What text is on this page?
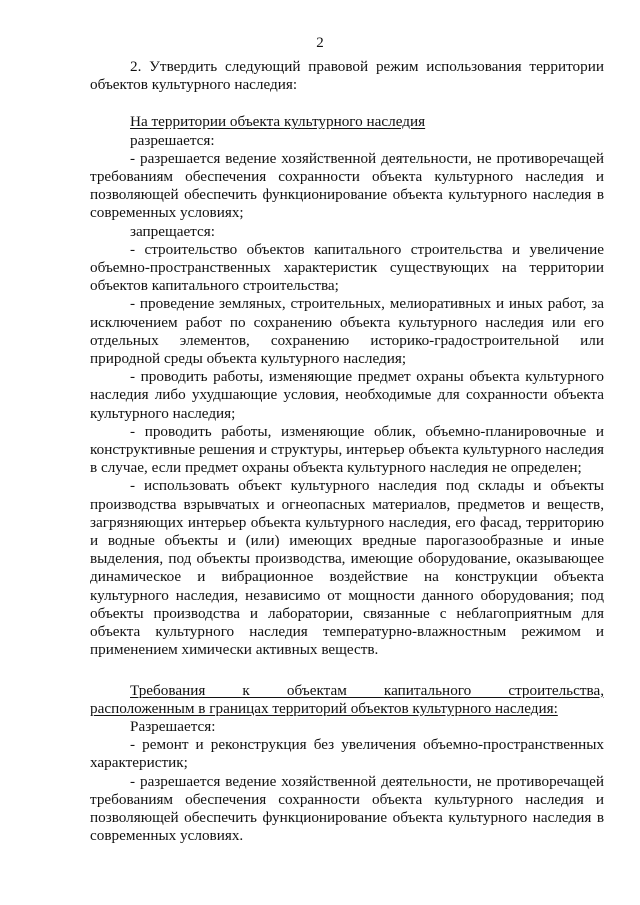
2

2. Утвердить следующий правовой режим использования территории объектов культурного наследия:

На территории объекта культурного наследия

разрешается:

- разрешается ведение хозяйственной деятельности, не противоречащей требованиям обеспечения сохранности объекта культурного наследия и позволяющей обеспечить функционирование объекта культурного наследия в современных условиях;

запрещается:

- строительство объектов капитального строительства и увеличение объемно-пространственных характеристик существующих на территории объектов капитального строительства;

- проведение земляных, строительных, мелиоративных и иных работ, за исключением работ по сохранению объекта культурного наследия или его отдельных элементов, сохранению историко-градостроительной или природной среды объекта культурного наследия;

- проводить работы, изменяющие предмет охраны объекта культурного наследия либо ухудшающие условия, необходимые для сохранности объекта культурного наследия;

- проводить работы, изменяющие облик, объемно-планировочные и конструктивные решения и структуры, интерьер объекта культурного наследия в случае, если предмет охраны объекта культурного наследия не определен;

- использовать объект культурного наследия под склады и объекты производства взрывчатых и огнеопасных материалов, предметов и веществ, загрязняющих интерьер объекта культурного наследия, его фасад, территорию и водные объекты и (или) имеющих вредные парогазообразные и иные выделения, под объекты производства, имеющие оборудование, оказывающее динамическое и вибрационное воздействие на конструкции объекта культурного наследия, независимо от мощности данного оборудования; под объекты производства и лаборатории, связанные с неблагоприятным для объекта культурного наследия температурно-влажностным режимом и применением химически активных веществ.

Требования к объектам капитального строительства,

расположенным в границах территорий объектов культурного наследия:

Разрешается:

- ремонт и реконструкция без увеличения объемно-пространственных характеристик;

- разрешается ведение хозяйственной деятельности, не противоречащей требованиям обеспечения сохранности объекта культурного наследия и позволяющей обеспечить функционирование объекта культурного наследия в современных условиях.
